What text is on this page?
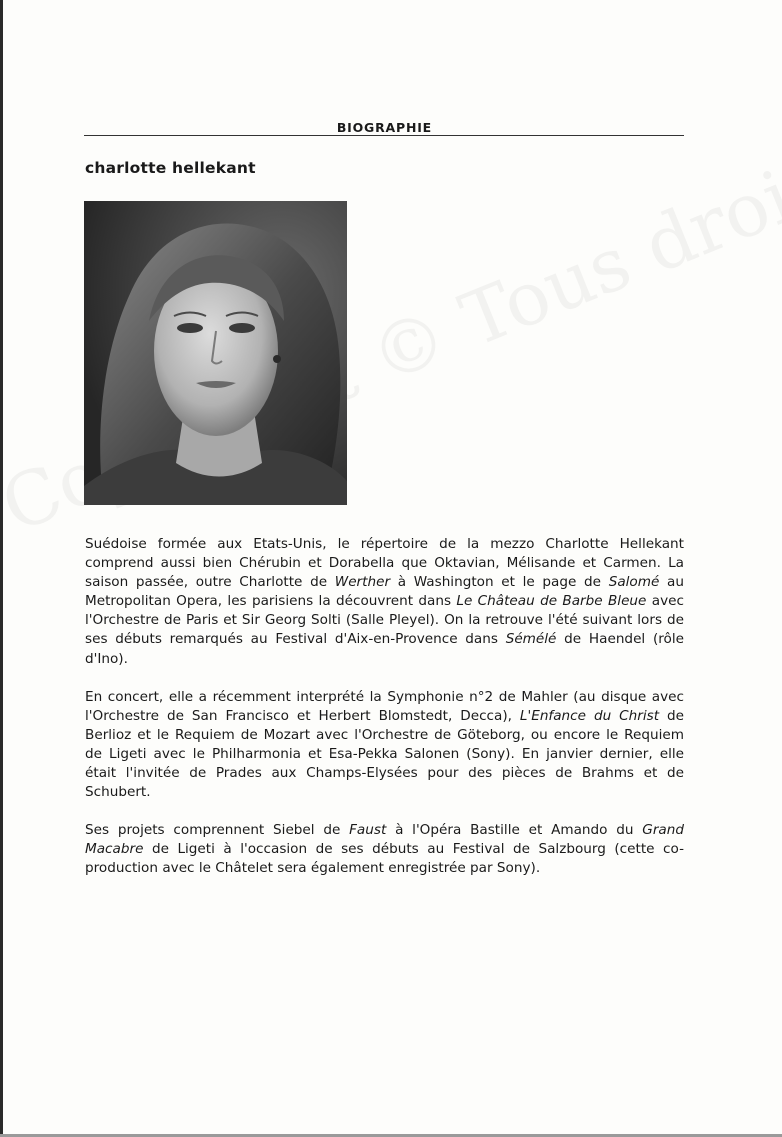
BIOGRAPHIE
charlotte hellekant

Suédoise formée aux Etats-Unis, le répertoire de la mezzo Charlotte Hellekant comprend aussi bien Chérubin et Dorabella que Oktavian, Mélisande et Carmen. La saison passée, outre Charlotte de Werther à Washington et le page de Salomé au Metropolitan Opera, les parisiens la découvrent dans Le Château de Barbe Bleue avec l'Orchestre de Paris et Sir Georg Solti (Salle Pleyel). On la retrouve l'été suivant lors de ses débuts remarqués au Festival d'Aix-en-Provence dans Sémélé de Haendel (rôle d'Ino).

En concert, elle a récemment interprété la Symphonie n°2 de Mahler (au disque avec l'Orchestre de San Francisco et Herbert Blomstedt, Decca), L'Enfance du Christ de Berlioz et le Requiem de Mozart avec l'Orchestre de Göteborg, ou encore le Requiem de Ligeti avec le Philharmonia et Esa-Pekka Salonen (Sony). En janvier dernier, elle était l'invitée de Prades aux Champs-Elysées pour des pièces de Brahms et de Schubert.

Ses projets comprennent Siebel de Faust à l'Opéra Bastille et Amando du Grand Macabre de Ligeti à l'occasion de ses débuts au Festival de Salzbourg (cette co-production avec le Châtelet sera également enregistrée par Sony).
